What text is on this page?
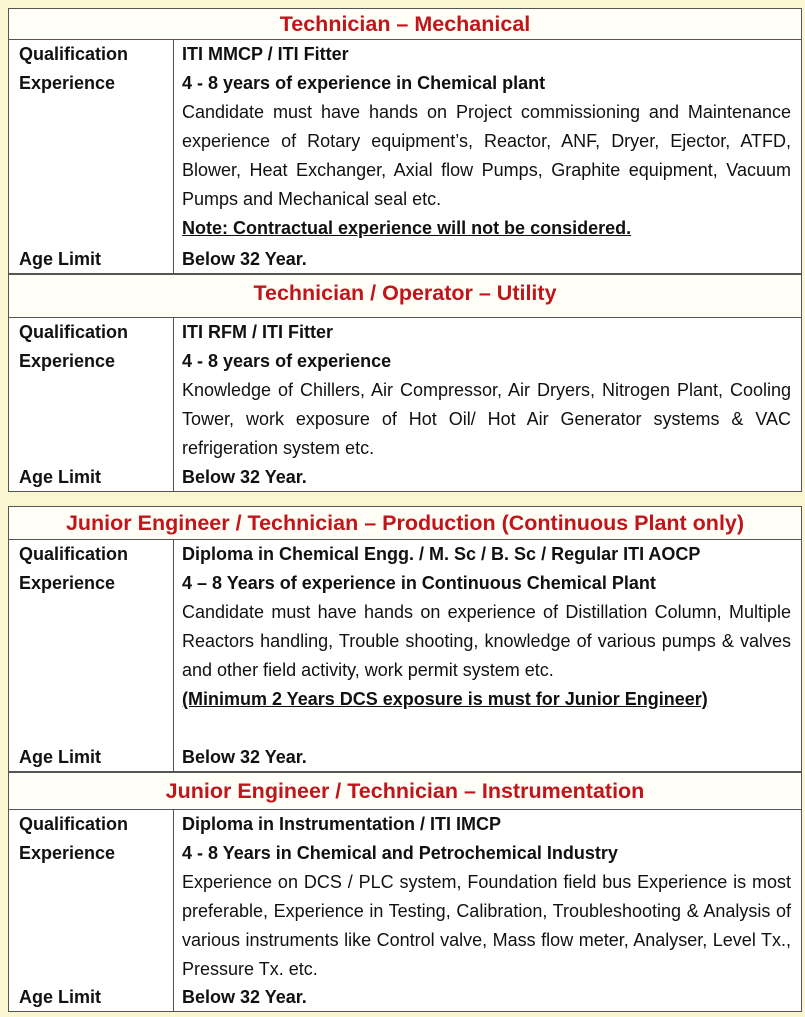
Technician – Mechanical
Qualification
Experience
Age Limit
ITI MMCP / ITI Fitter
4 - 8 years of experience in Chemical plant
Candidate must have hands on Project commissioning and Maintenance experience of Rotary equipment’s, Reactor, ANF, Dryer, Ejector, ATFD, Blower, Heat Exchanger, Axial flow Pumps, Graphite equipment, Vacuum Pumps and Mechanical seal etc.
Note: Contractual experience will not be considered.
Below 32 Year.
Technician / Operator – Utility
Qualification
Experience
Age Limit
ITI RFM / ITI Fitter
4 - 8 years of experience
Knowledge of Chillers, Air Compressor, Air Dryers, Nitrogen Plant, Cooling Tower, work exposure of Hot Oil/ Hot Air Generator systems & VAC refrigeration system etc.
Below 32 Year.
Junior Engineer / Technician – Production (Continuous Plant only)
Qualification
Experience
Age Limit
Diploma in Chemical Engg. / M. Sc / B. Sc / Regular ITI AOCP
4 – 8 Years of experience in Continuous Chemical Plant
Candidate must have hands on experience of Distillation Column, Multiple Reactors handling, Trouble shooting, knowledge of various pumps & valves and other field activity, work permit system etc.
(Minimum 2 Years DCS exposure is must for Junior Engineer)
Below 32 Year.
Junior Engineer / Technician – Instrumentation
Qualification
Experience
Age Limit
Diploma in Instrumentation / ITI IMCP
4 - 8 Years in Chemical and Petrochemical Industry
Experience on DCS / PLC system, Foundation field bus Experience is most preferable, Experience in Testing, Calibration, Troubleshooting & Analysis of various instruments like Control valve, Mass flow meter, Analyser, Level Tx., Pressure Tx. etc.
Below 32 Year.
